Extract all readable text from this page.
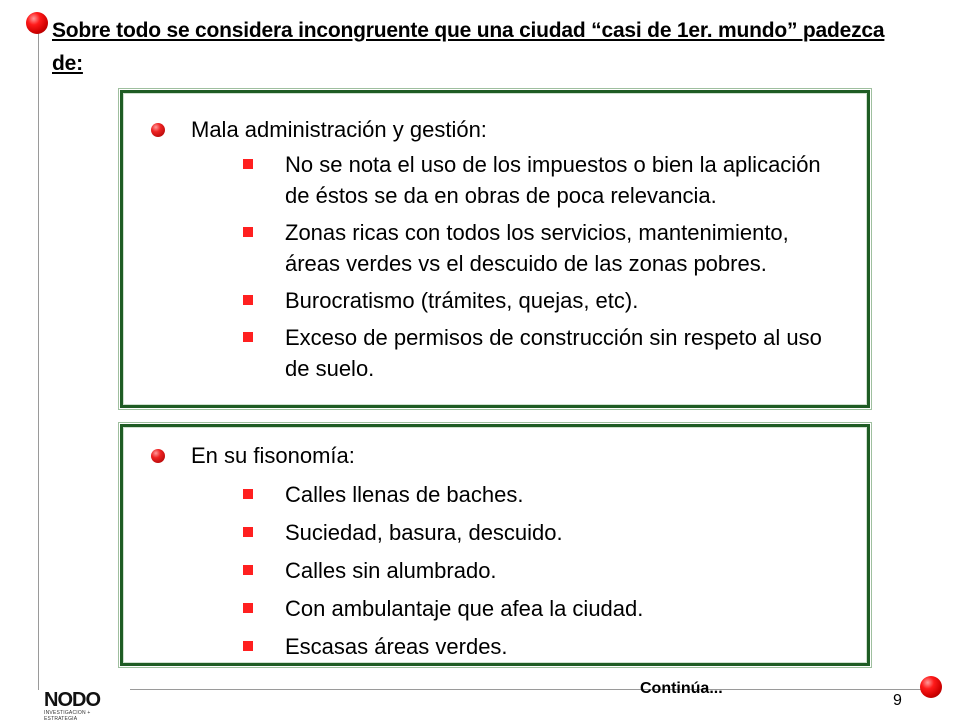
Sobre todo se considera incongruente que una ciudad “casi de 1er. mundo” padezca de:
Mala administración y gestión:
No se nota el uso de los impuestos o bien la aplicación de éstos se da en obras de poca relevancia.
Zonas ricas con todos los servicios, mantenimiento, áreas verdes vs el descuido de las zonas pobres.
Burocratismo (trámites, quejas, etc).
Exceso de permisos de construcción sin respeto al uso de suelo.
En su fisonomía:
Calles llenas de baches.
Suciedad, basura, descuido.
Calles sin alumbrado.
Con ambulantaje que afea la ciudad.
Escasas áreas verdes.
NODO
INVESTIGACION + ESTRATEGIA
Continúa...
9
